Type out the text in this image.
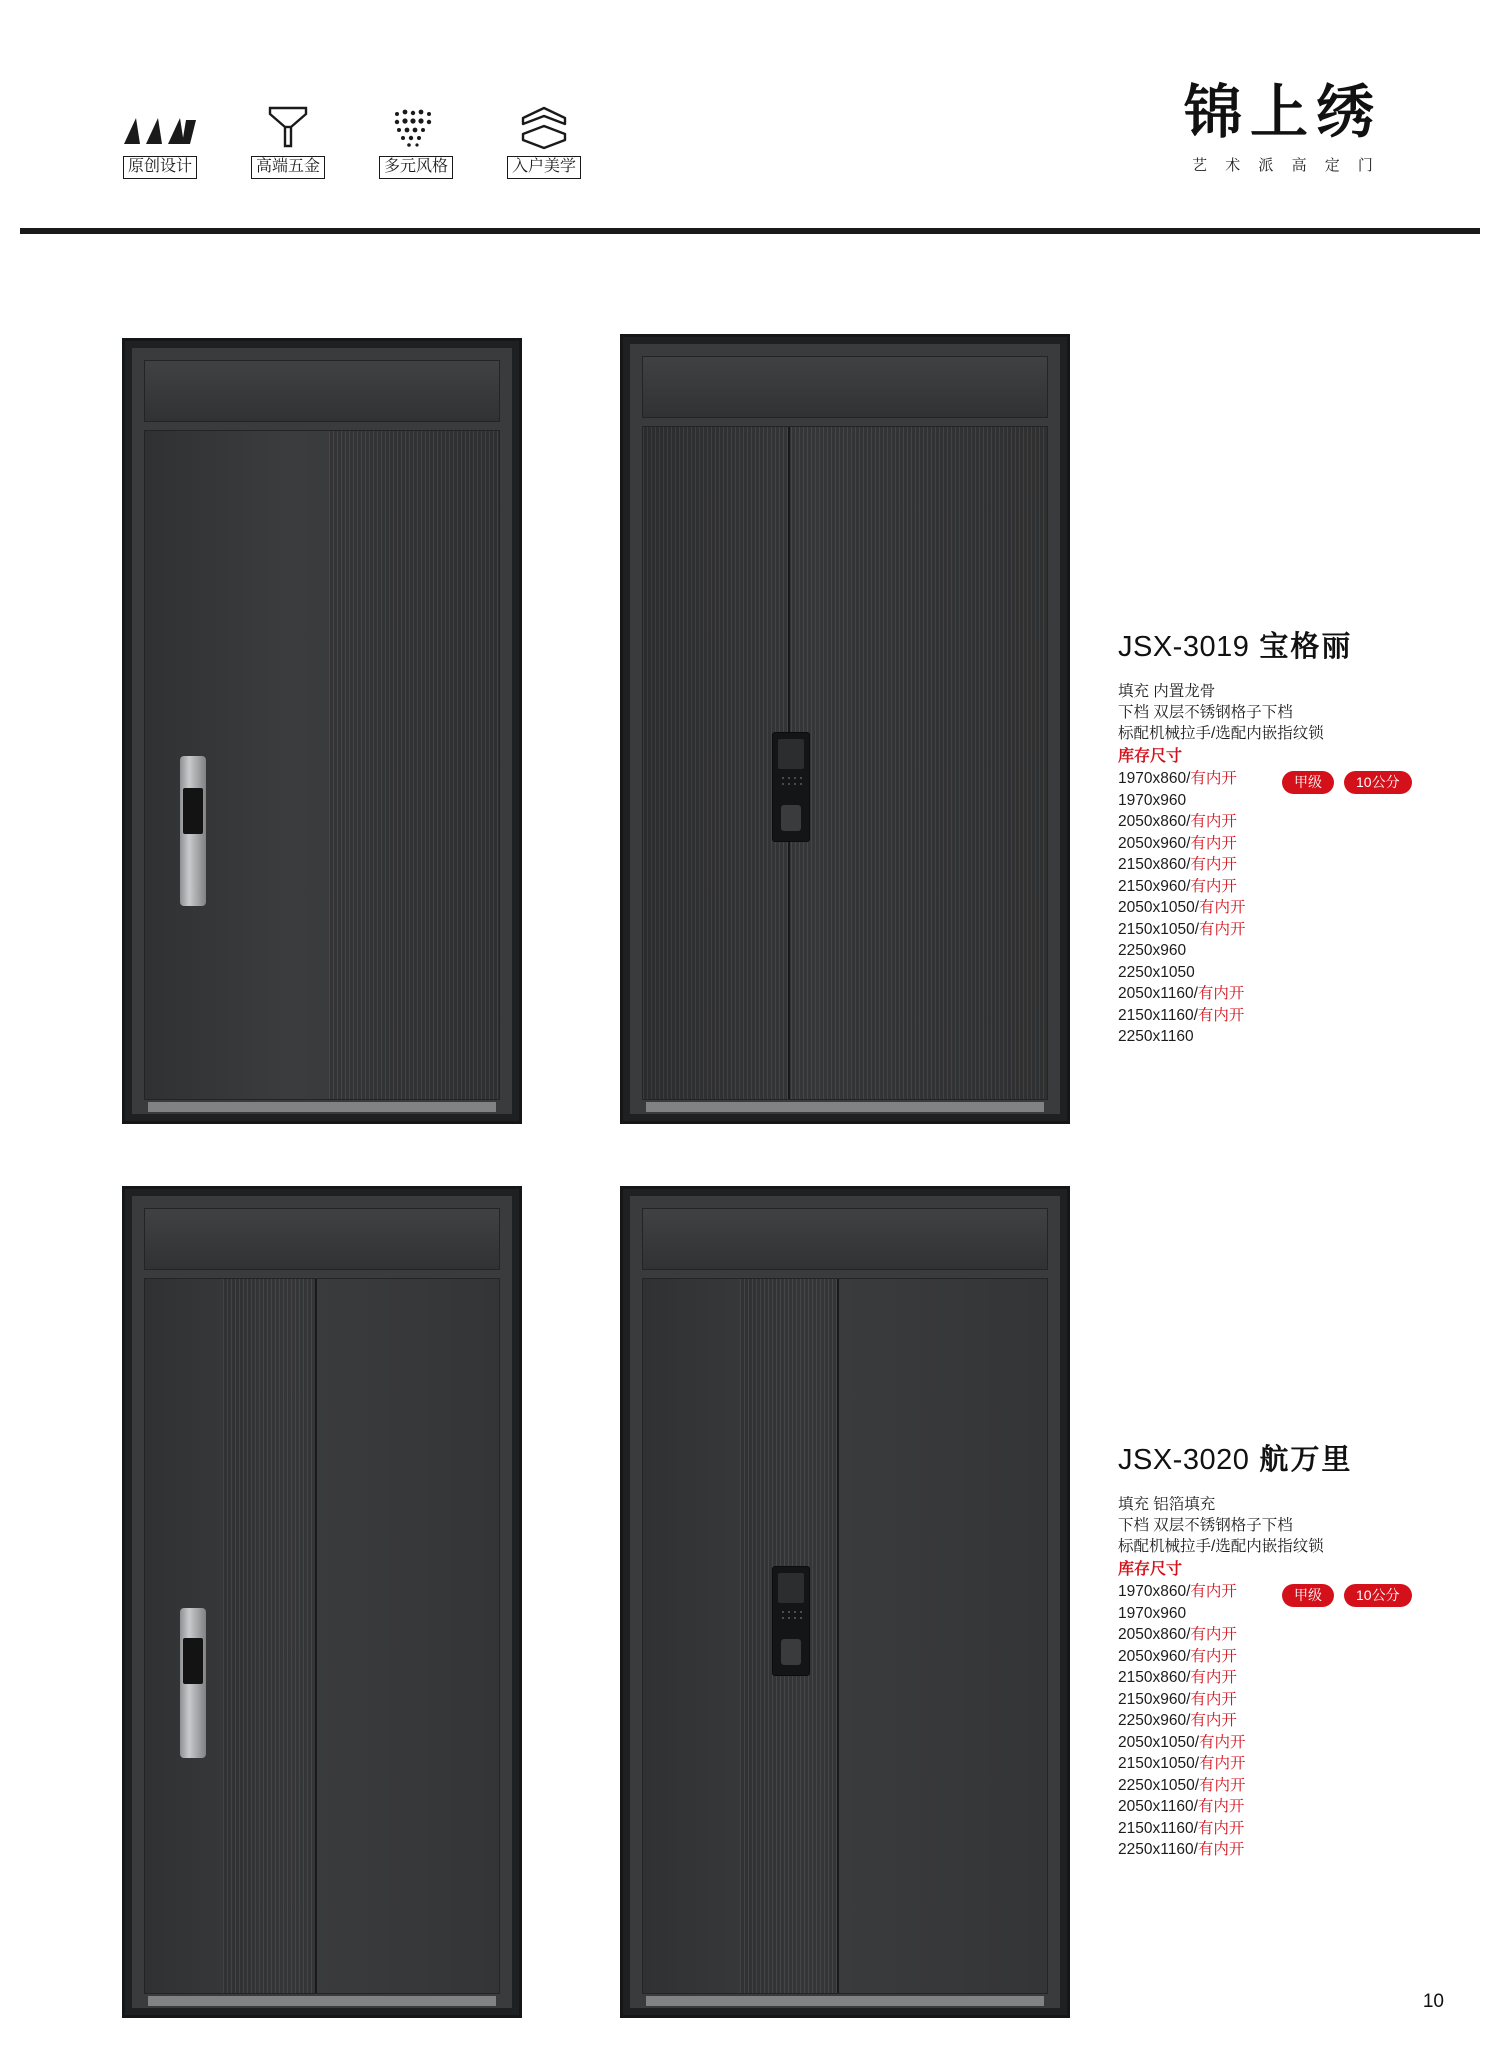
原创设计	高端五金	多元风格	入户美学
锦上绣
艺 术 派 高 定 门
JSX-3019 宝格丽
填充 内置龙骨
下档 双层不锈钢格子下档
标配机械拉手/选配内嵌指纹锁
库存尺寸
1970x860/有内开
1970x960
2050x860/有内开
2050x960/有内开
2150x860/有内开
2150x960/有内开
2050x1050/有内开
2150x1050/有内开
2250x960
2250x1050
2050x1160/有内开
2150x1160/有内开
2250x1160
甲级	10公分
JSX-3020 航万里
填充 铝箔填充
下档 双层不锈钢格子下档
标配机械拉手/选配内嵌指纹锁
库存尺寸
1970x860/有内开
1970x960
2050x860/有内开
2050x960/有内开
2150x860/有内开
2150x960/有内开
2250x960/有内开
2050x1050/有内开
2150x1050/有内开
2250x1050/有内开
2050x1160/有内开
2150x1160/有内开
2250x1160/有内开
甲级	10公分
10
